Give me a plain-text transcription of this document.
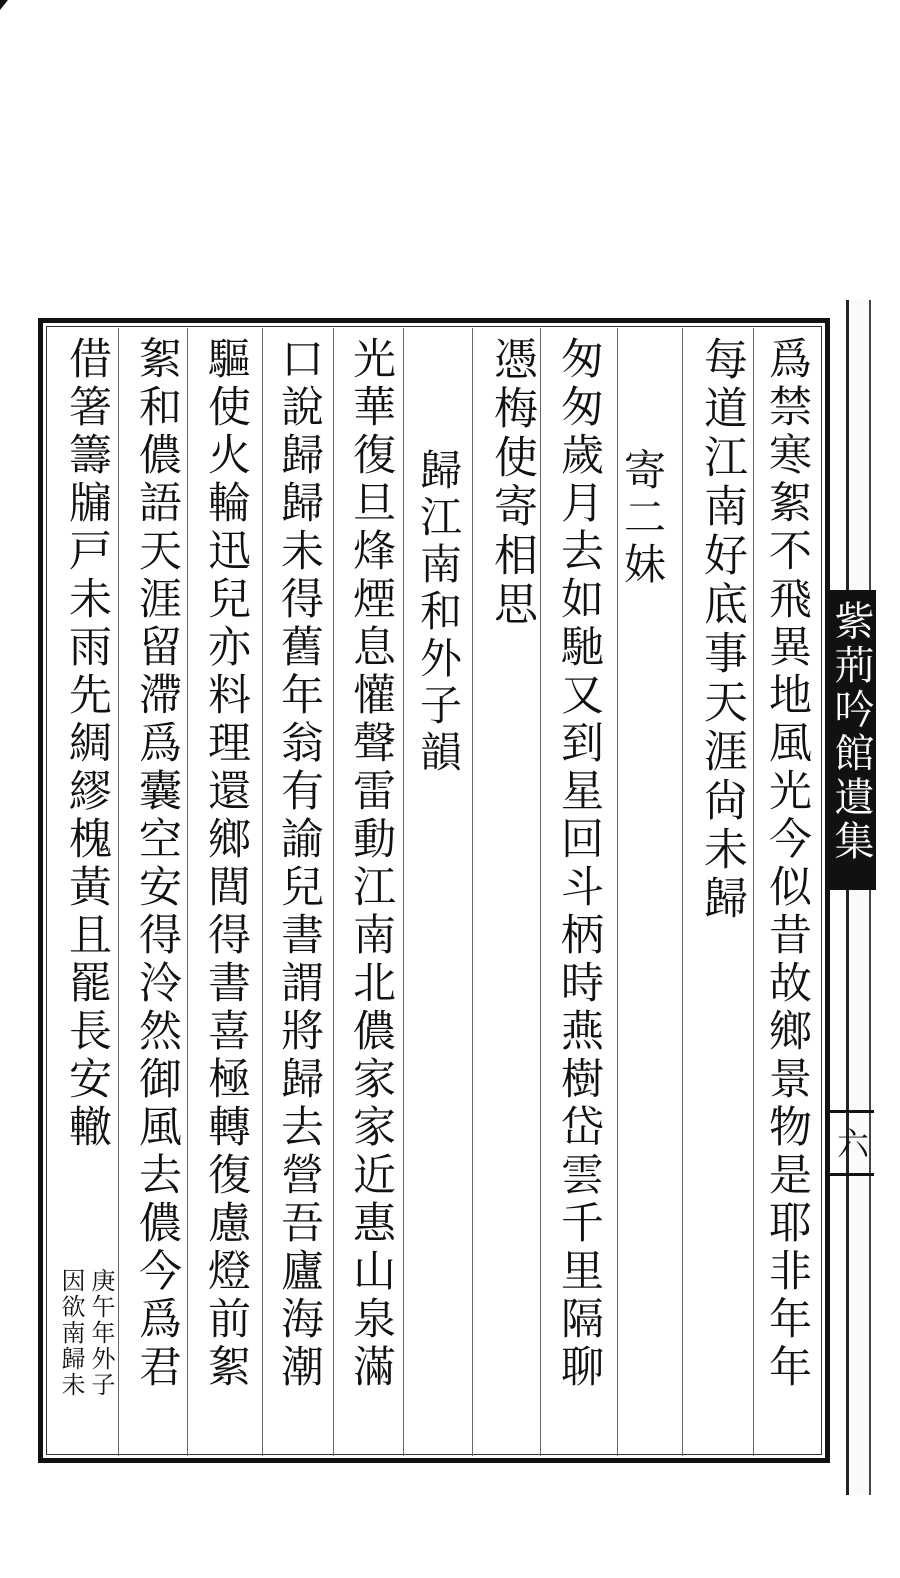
爲禁寒絮不飛異地風光今似昔故鄉景物是耶非年年
每道江南好底事天涯尙未歸
寄二妹
匆匆歲月去如馳又到星回斗柄時燕樹岱雲千里隔聊
憑梅使寄相思
歸江南和外子韻
光華復旦烽煙息懽聲雷動江南北儂家家近惠山泉滿
口說歸歸未得舊年翁有諭兒書謂將歸去營吾廬海潮
驅使火輪迅兒亦料理還鄉閭得書喜極轉復慮燈前絮
絮和儂語天涯留滯爲囊空安得泠然御風去儂今爲君
借箸籌牖戸未雨先綢繆槐黃且罷長安轍
庚午年外子
因欲南歸未
紫荊吟館遺集
六
